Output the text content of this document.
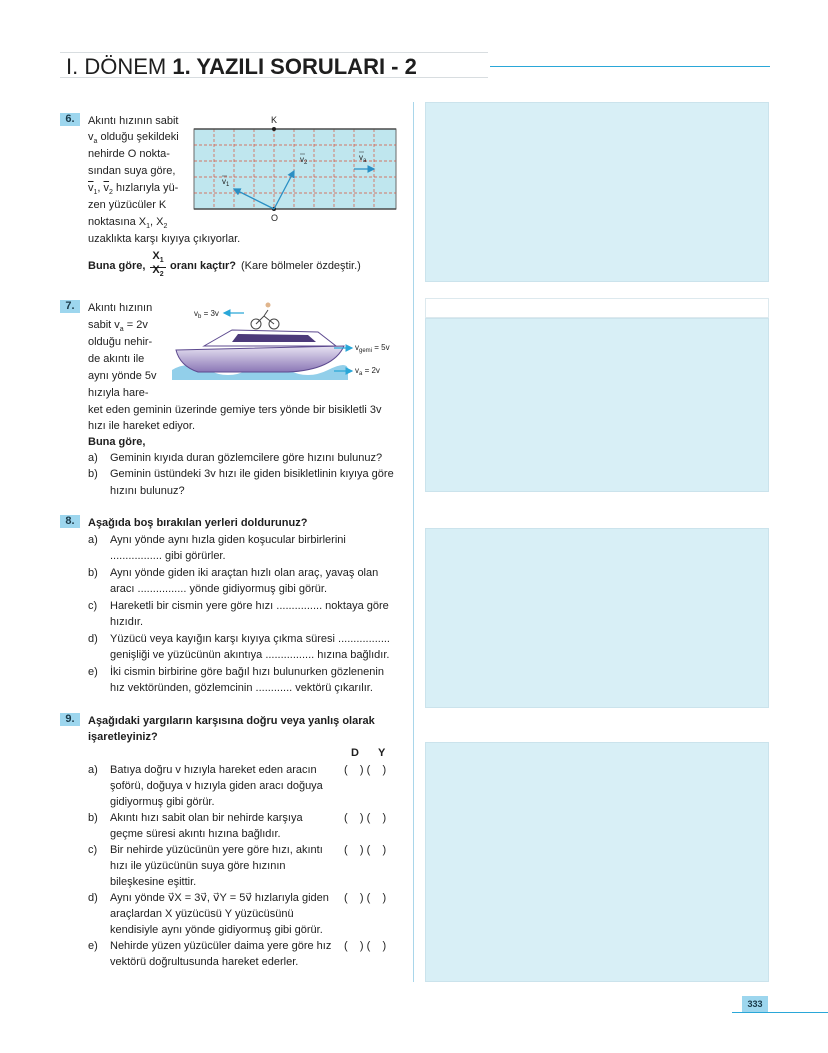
I. DÖNEM 1. YAZILI SORULARI - 2
6.	Akıntı hızının sabit
$v_a$ olduğu şekildeki
nehirde O nokta-
sından suya göre,
$\overline{v}_1$, $\overline{v}_2$ hızlarıyla yü-
zen yüzücüler K
noktasına $X_1$, $X_2$
uzaklıkta karşı kıyıya çıkıyorlar.
Buna göre,
$X_1$
$X_2$
oranı kaçtır? (Kare bölmeler özdeştir.)
K
O
$v_1$
$v_2$
$v_a$
7.	Akıntı hızının
sabit $v_a = 2v$
olduğu nehir-
de akıntı ile
aynı yönde 5v
hızıyla hare-
ket eden geminin üzerinde gemiye ters yönde bir bisikletli 3v
hızı ile hareket ediyor.
Buna göre,
a) Geminin kıyıda duran gözlemcilere göre hızını bulunuz?
b) Geminin üstündeki 3v hızı ile giden bisikletlinin kıyıya göre
hızını bulunuz?
$v_b = 3v$
$v_{gemi} = 5v$
$v_a = 2v$
8.	Aşağıda boş bırakılan yerleri doldurunuz?
a) Aynı yönde aynı hızla giden koşucular birbirlerini
................. gibi görürler.
b) Aynı yönde giden iki araçtan hızlı olan araç, yavaş olan
aracı ................ yönde gidiyormuş gibi görür.
c) Hareketli bir cismin yere göre hızı ............... noktaya göre
hızıdır.
d) Yüzücü veya kayığın karşı kıyıya çıkma süresi .................
genişliği ve yüzücünün akıntıya ................ hızına bağlıdır.
e) İki cismin birbirine göre bağıl hızı bulunurken gözlenenin
hız vektöründen, gözlemcinin ............ vektörü çıkarılır.
9.	Aşağıdaki yargıların karşısına doğru veya yanlış olarak
işaretleyiniz?
D Y
a) Batıya doğru v hızıyla hareket eden aracın
şoförü, doğuya v hızıyla giden aracı doğuya
gidiyormuş gibi görür.
(    ) (    )
b) Akıntı hızı sabit olan bir nehirde karşıya
geçme süresi akıntı hızına bağlıdır.
(    ) (    )
c) Bir nehirde yüzücünün yere göre hızı, akıntı
hızı ile yüzücünün suya göre hızının
bileşkesine eşittir.
(    ) (    )
d) Aynı yönde v⃗X = 3v⃗, v⃗Y = 5v⃗ hızlarıyla giden
araçlardan X yüzücüsü Y yüzücüsünü
kendisiyle aynı yönde gidiyormuş gibi görür.
(    ) (    )
e) Nehirde yüzen yüzücüler daima yere göre hız
vektörü doğrultusunda hareket ederler.
(    ) (    )
333
